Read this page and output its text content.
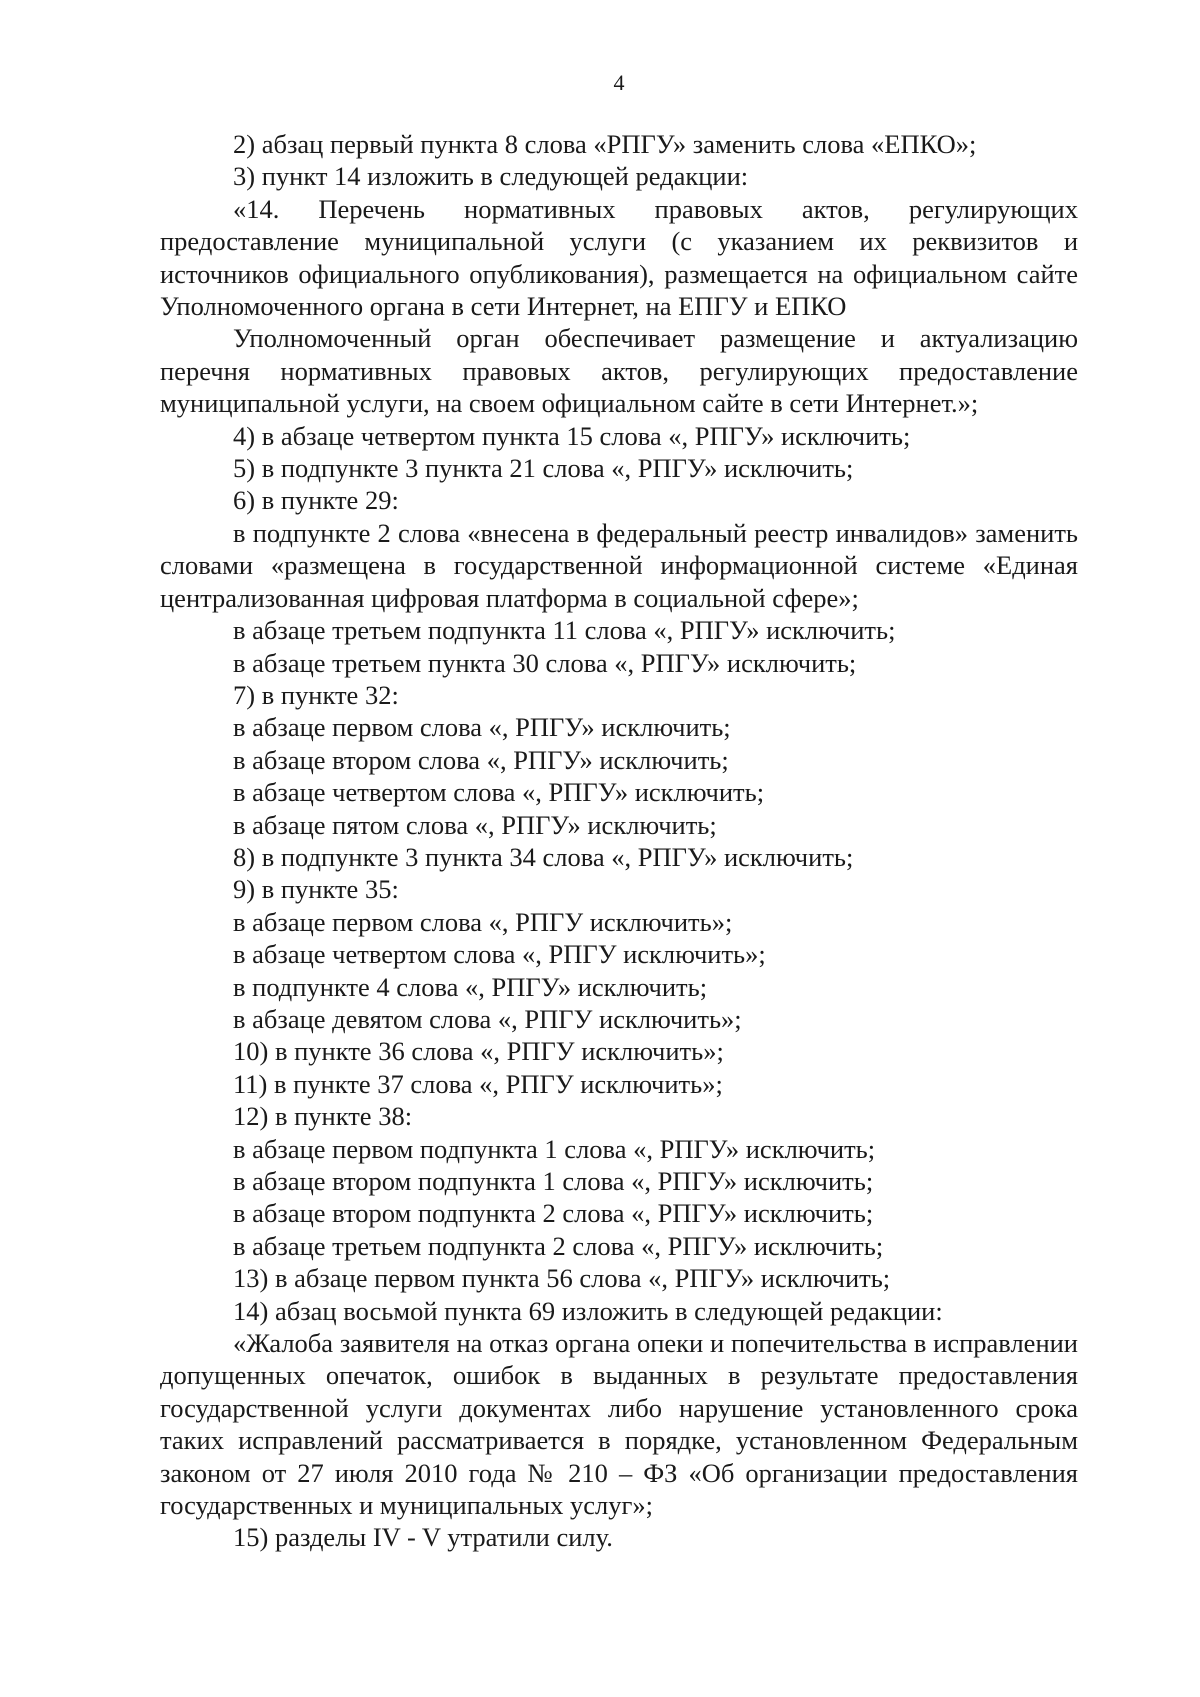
4

2) абзац первый пункта 8 слова «РПГУ» заменить слова «ЕПКО»;

3) пункт 14 изложить в следующей редакции:

«14. Перечень нормативных правовых актов, регулирующих предоставление муниципальной услуги (с указанием их реквизитов и источников официального опубликования), размещается на официальном сайте Уполномоченного органа в сети Интернет, на ЕПГУ и ЕПКО

Уполномоченный орган обеспечивает размещение и актуализацию перечня нормативных правовых актов, регулирующих предоставление муниципальной услуги, на своем официальном сайте в сети Интернет.»;

4) в абзаце четвертом пункта 15 слова «, РПГУ» исключить;

5) в подпункте 3 пункта 21 слова «, РПГУ» исключить;

6) в пункте 29:

в подпункте 2 слова «внесена в федеральный реестр инвалидов» заменить словами «размещена в государственной информационной системе «Единая централизованная цифровая платформа в социальной сфере»;

в абзаце третьем подпункта 11 слова «, РПГУ» исключить;

в абзаце третьем пункта 30 слова «, РПГУ» исключить;

7) в пункте 32:

в абзаце первом слова «, РПГУ» исключить;

в абзаце втором слова «, РПГУ» исключить;

в абзаце четвертом слова «, РПГУ» исключить;

в абзаце пятом слова «, РПГУ» исключить;

8) в подпункте 3 пункта 34 слова «, РПГУ» исключить;

9) в пункте 35:

в абзаце первом слова «, РПГУ исключить»;

в абзаце четвертом слова «, РПГУ исключить»;

в подпункте 4 слова «, РПГУ» исключить;

в абзаце девятом слова «, РПГУ исключить»;

10) в пункте 36 слова «, РПГУ исключить»;

11) в пункте 37 слова «, РПГУ исключить»;

12) в пункте 38:

в абзаце первом подпункта 1 слова «, РПГУ» исключить;

в абзаце втором подпункта 1 слова «, РПГУ» исключить;

в абзаце втором подпункта 2 слова «, РПГУ» исключить;

в абзаце третьем подпункта 2 слова «, РПГУ» исключить;

13) в абзаце первом пункта 56 слова «, РПГУ» исключить;

14) абзац восьмой пункта 69 изложить в следующей редакции:

«Жалоба заявителя на отказ органа опеки и попечительства в исправлении допущенных опечаток, ошибок в выданных в результате предоставления государственной услуги документах либо нарушение установленного срока таких исправлений рассматривается в порядке, установленном Федеральным законом от 27 июля 2010 года № 210 – ФЗ «Об организации предоставления государственных и муниципальных услуг»;

15) разделы IV - V утратили силу.
